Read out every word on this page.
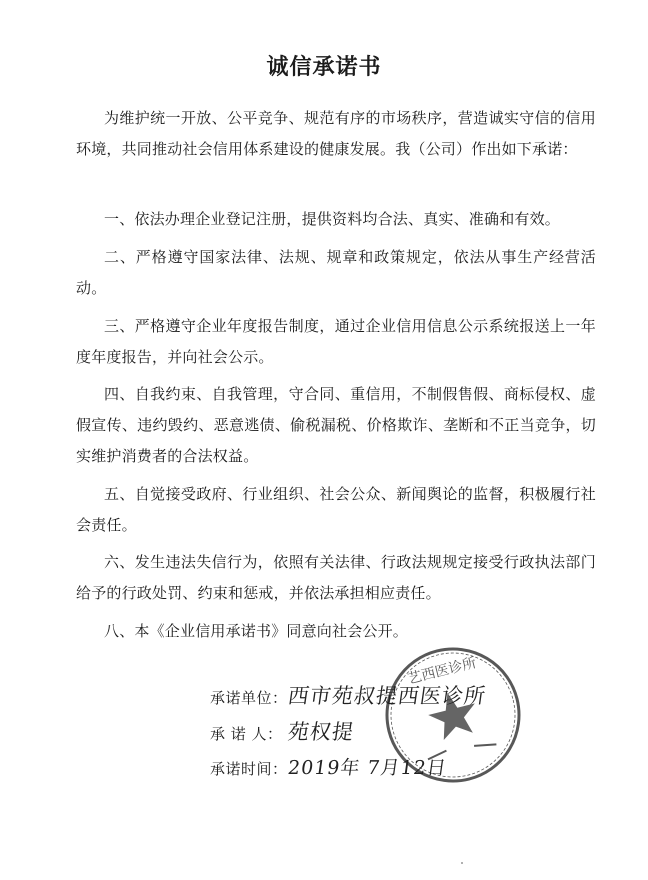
诚信承诺书

为维护统一开放、公平竞争、规范有序的市场秩序，营造诚实守信的信用环境，共同推动社会信用体系建设的健康发展。我（公司）作出如下承诺：

一、依法办理企业登记注册，提供资料均合法、真实、准确和有效。

二、严格遵守国家法律、法规、规章和政策规定，依法从事生产经营活动。

三、严格遵守企业年度报告制度，通过企业信用信息公示系统报送上一年度年度报告，并向社会公示。

四、自我约束、自我管理，守合同、重信用，不制假售假、商标侵权、虚假宣传、违约毁约、恶意逃债、偷税漏税、价格欺诈、垄断和不正当竞争，切实维护消费者的合法权益。

五、自觉接受政府、行业组织、社会公众、新闻舆论的监督，积极履行社会责任。

六、发生违法失信行为，依照有关法律、行政法规规定接受行政执法部门给予的行政处罚、约束和惩戒，并依法承担相应责任。

八、本《企业信用承诺书》同意向社会公开。

艺西医诊所
承诺单位：西市苑叔提西医诊所
承 诺 人： 苑权提
承诺时间：2019年 7月12日
